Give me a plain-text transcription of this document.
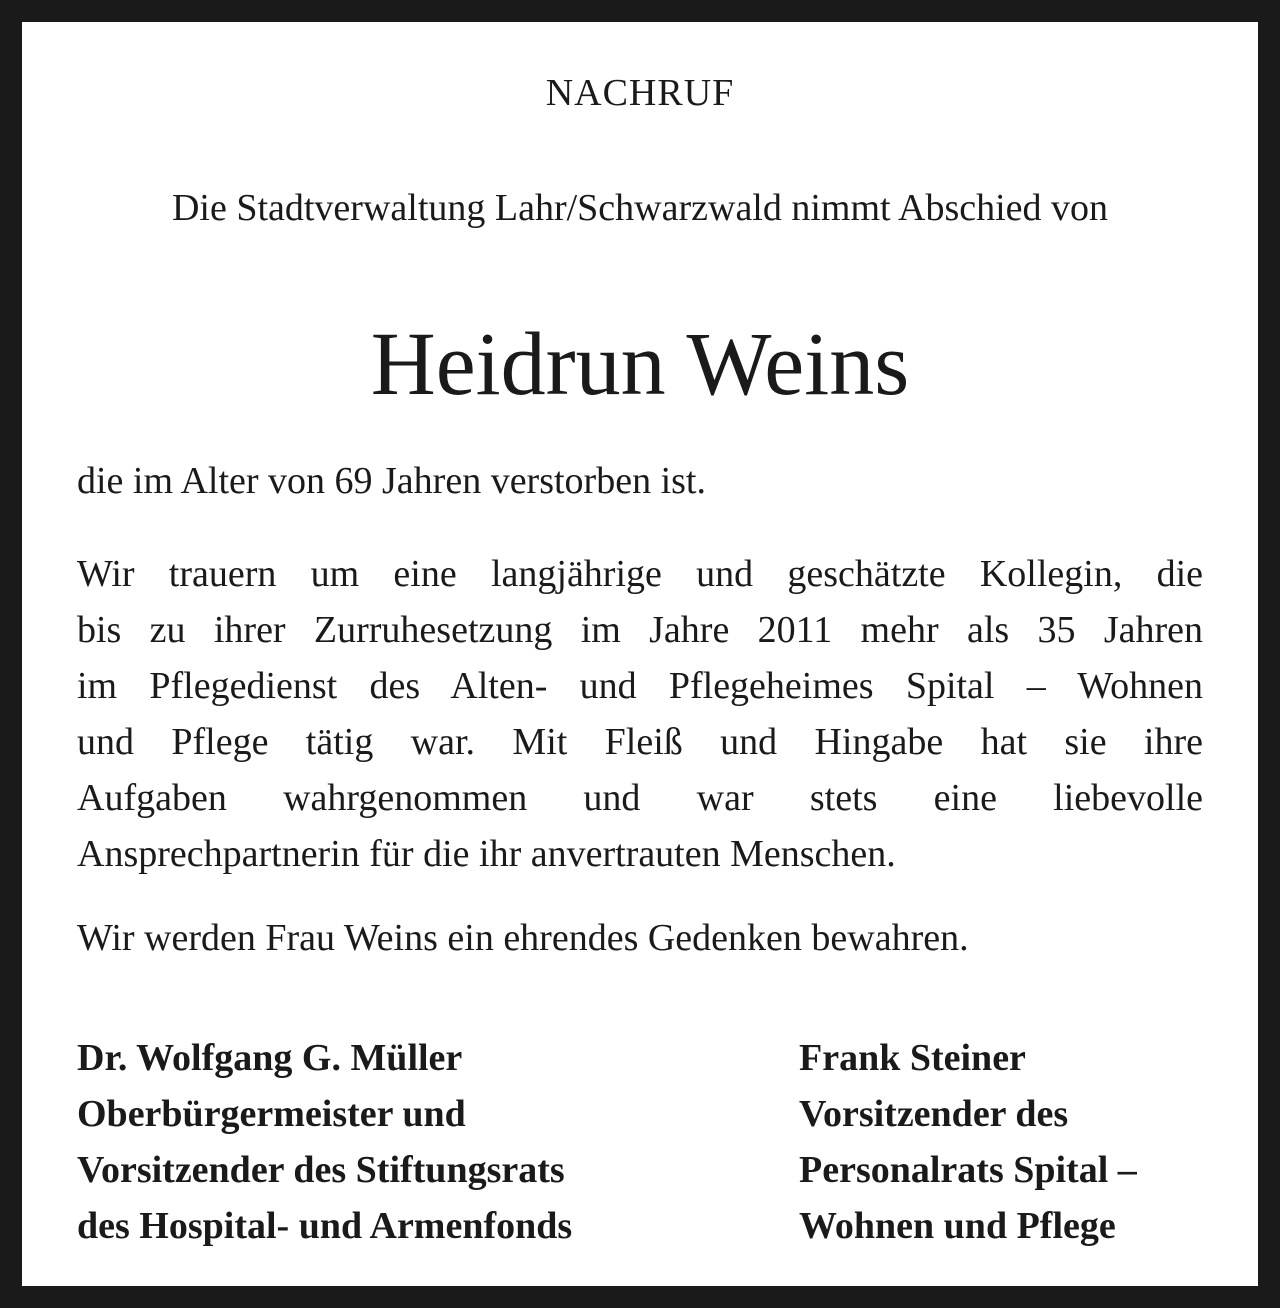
NACHRUF
Die Stadtverwaltung Lahr/Schwarzwald nimmt Abschied von
Heidrun Weins
die im Alter von 69 Jahren verstorben ist.
Wir trauern um eine langjährige und geschätzte Kollegin, die
bis zu ihrer Zurruhesetzung im Jahre 2011 mehr als 35 Jahren
im Pflegedienst des Alten- und Pflegeheimes Spital – Wohnen
und Pflege tätig war. Mit Fleiß und Hingabe hat sie ihre
Aufgaben wahrgenommen und war stets eine liebevolle
Ansprechpartnerin für die ihr anvertrauten Menschen.
Wir werden Frau Weins ein ehrendes Gedenken bewahren.
Dr. Wolfgang G. Müller
Oberbürgermeister und
Vorsitzender des Stiftungsrats
des Hospital- und Armenfonds
Frank Steiner
Vorsitzender des
Personalrats Spital –
Wohnen und Pflege
